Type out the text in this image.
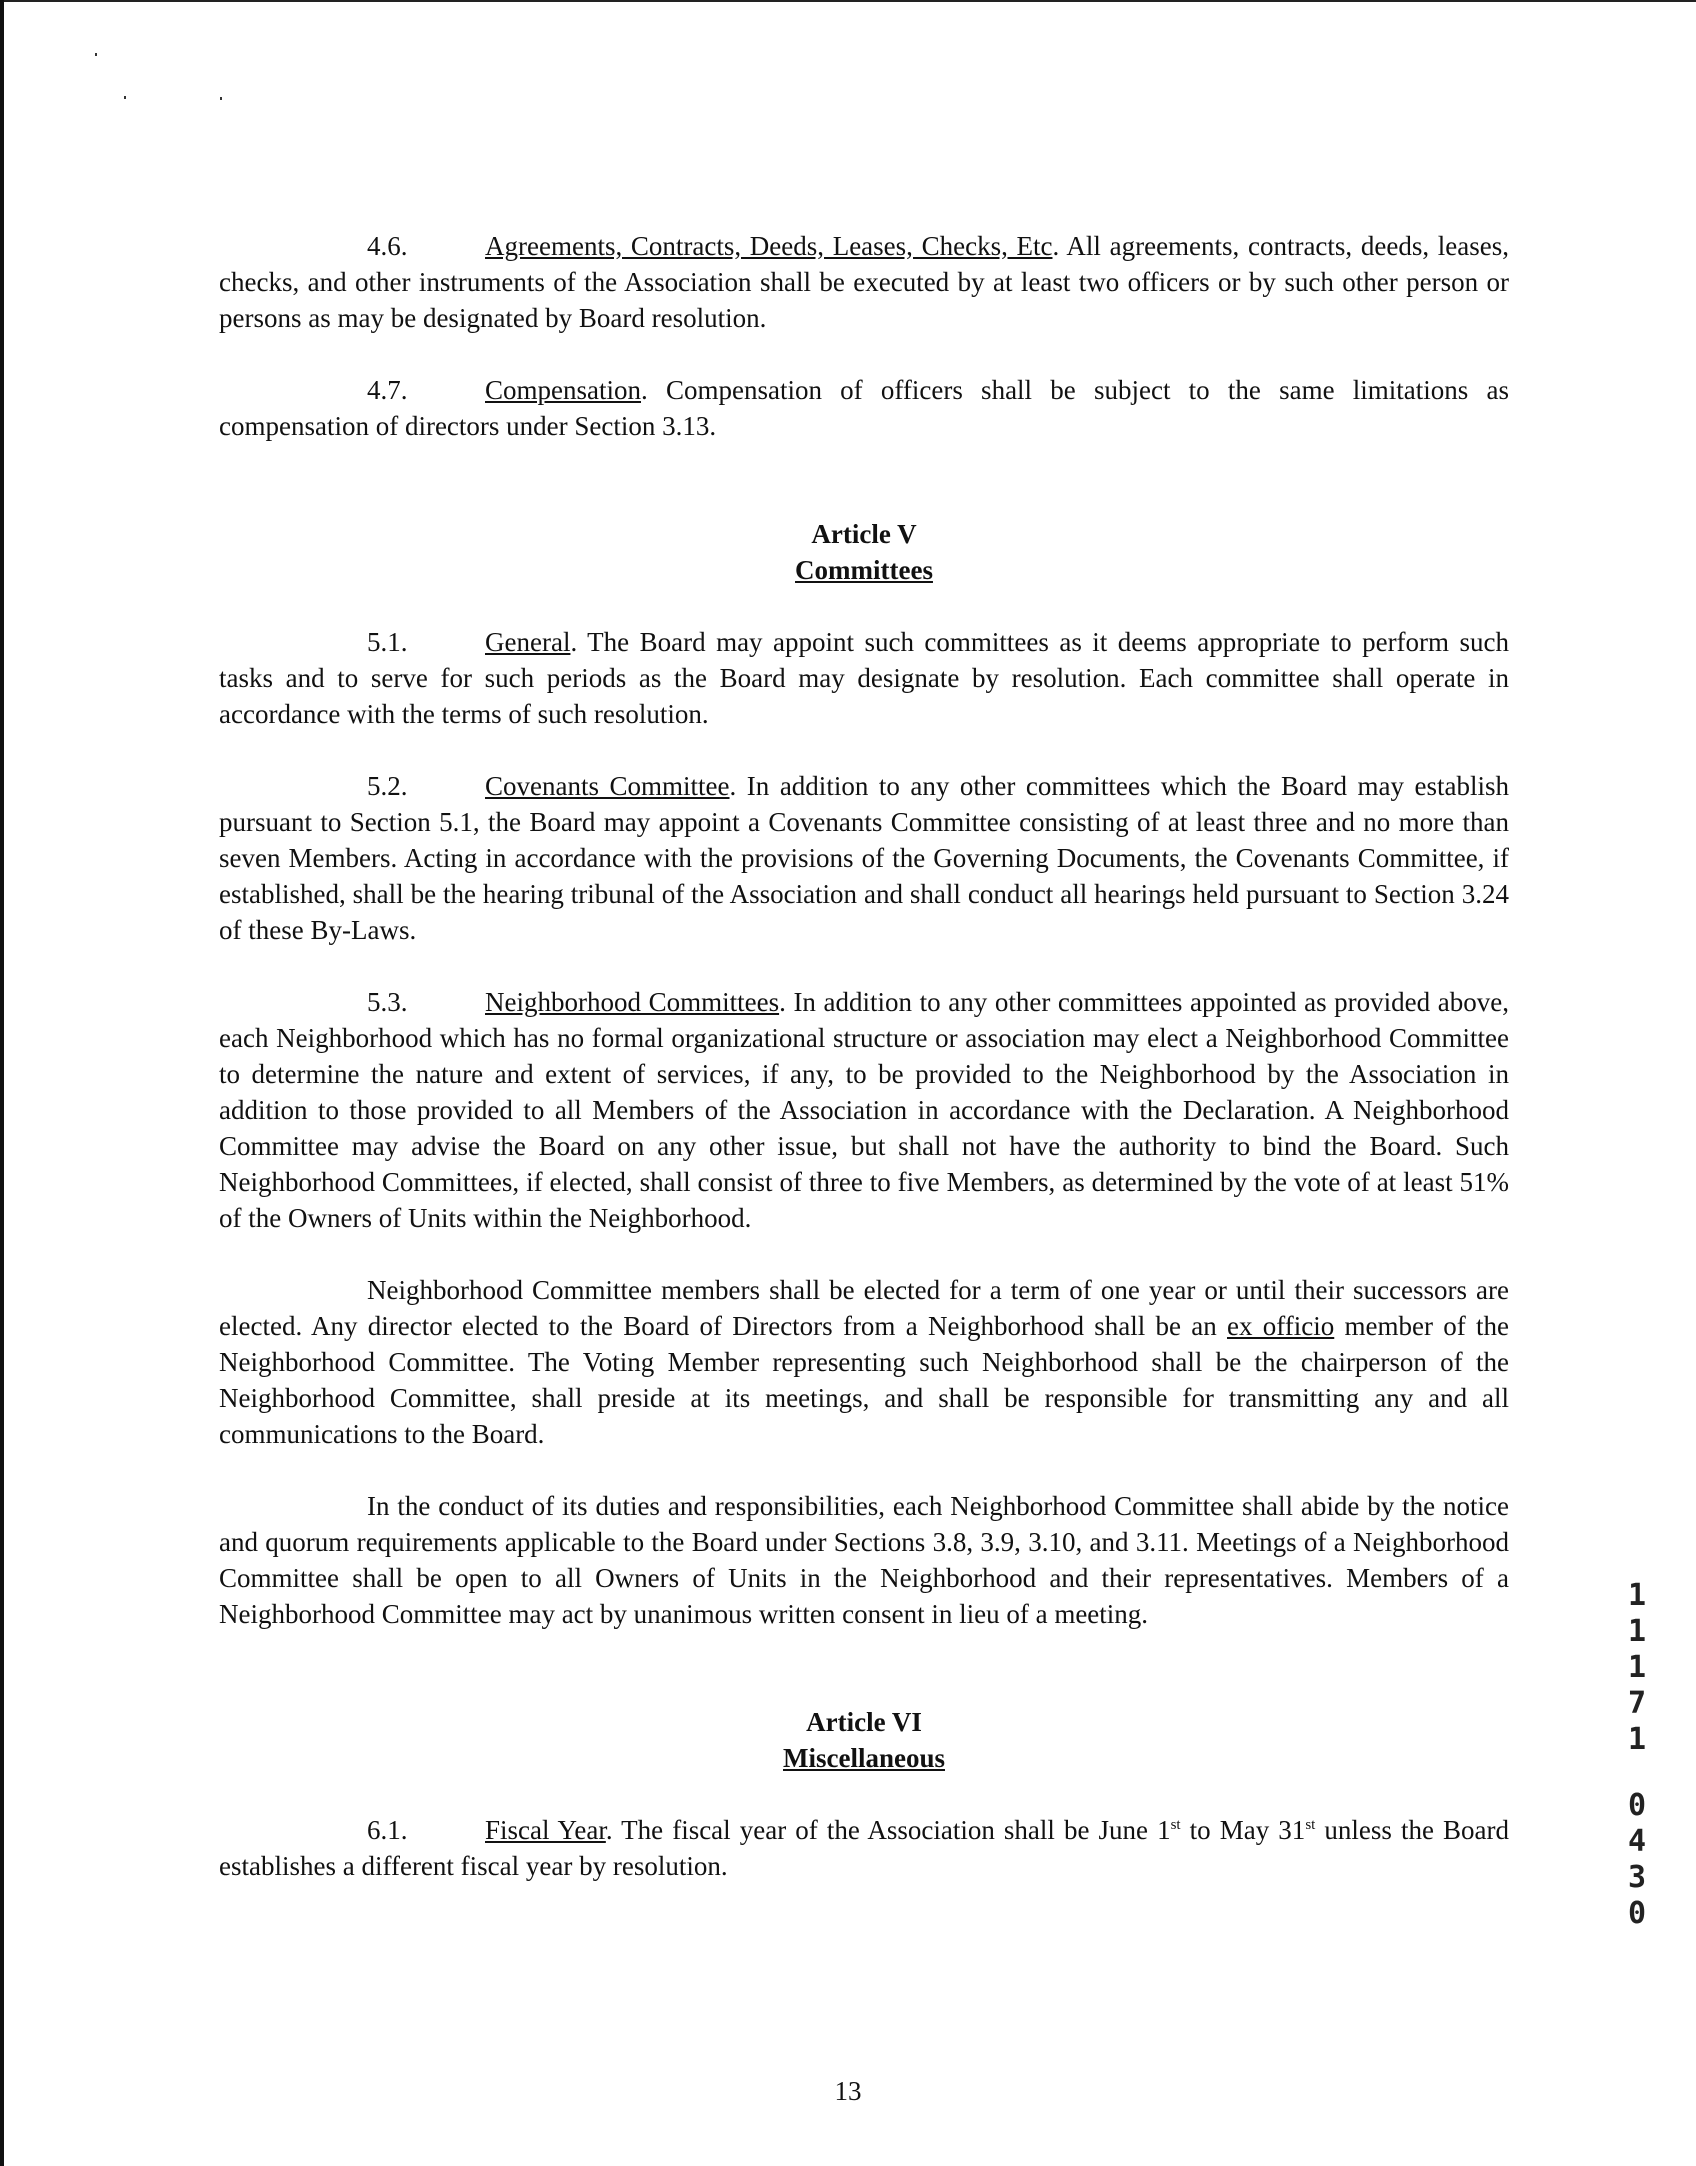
4.6.	Agreements, Contracts, Deeds, Leases, Checks, Etc. All agreements, contracts, deeds, leases, checks, and other instruments of the Association shall be executed by at least two officers or by such other person or persons as may be designated by Board resolution.

4.7.	Compensation. Compensation of officers shall be subject to the same limitations as compensation of directors under Section 3.13.

Article V
Committees

5.1.	General. The Board may appoint such committees as it deems appropriate to perform such tasks and to serve for such periods as the Board may designate by resolution. Each committee shall operate in accordance with the terms of such resolution.

5.2.	Covenants Committee. In addition to any other committees which the Board may establish pursuant to Section 5.1, the Board may appoint a Covenants Committee consisting of at least three and no more than seven Members. Acting in accordance with the provisions of the Governing Documents, the Covenants Committee, if established, shall be the hearing tribunal of the Association and shall conduct all hearings held pursuant to Section 3.24 of these By-Laws.

5.3.	Neighborhood Committees. In addition to any other committees appointed as provided above, each Neighborhood which has no formal organizational structure or association may elect a Neighborhood Committee to determine the nature and extent of services, if any, to be provided to the Neighborhood by the Association in addition to those provided to all Members of the Association in accordance with the Declaration. A Neighborhood Committee may advise the Board on any other issue, but shall not have the authority to bind the Board. Such Neighborhood Committees, if elected, shall consist of three to five Members, as determined by the vote of at least 51% of the Owners of Units within the Neighborhood.

Neighborhood Committee members shall be elected for a term of one year or until their successors are elected. Any director elected to the Board of Directors from a Neighborhood shall be an ex officio member of the Neighborhood Committee. The Voting Member representing such Neighborhood shall be the chairperson of the Neighborhood Committee, shall preside at its meetings, and shall be responsible for transmitting any and all communications to the Board.

In the conduct of its duties and responsibilities, each Neighborhood Committee shall abide by the notice and quorum requirements applicable to the Board under Sections 3.8, 3.9, 3.10, and 3.11. Meetings of a Neighborhood Committee shall be open to all Owners of Units in the Neighborhood and their representatives. Members of a Neighborhood Committee may act by unanimous written consent in lieu of a meeting.

Article VI
Miscellaneous

6.1.	Fiscal Year. The fiscal year of the Association shall be June 1st to May 31st unless the Board establishes a different fiscal year by resolution.

13
1
1
1
7
1
0
4
3
0
